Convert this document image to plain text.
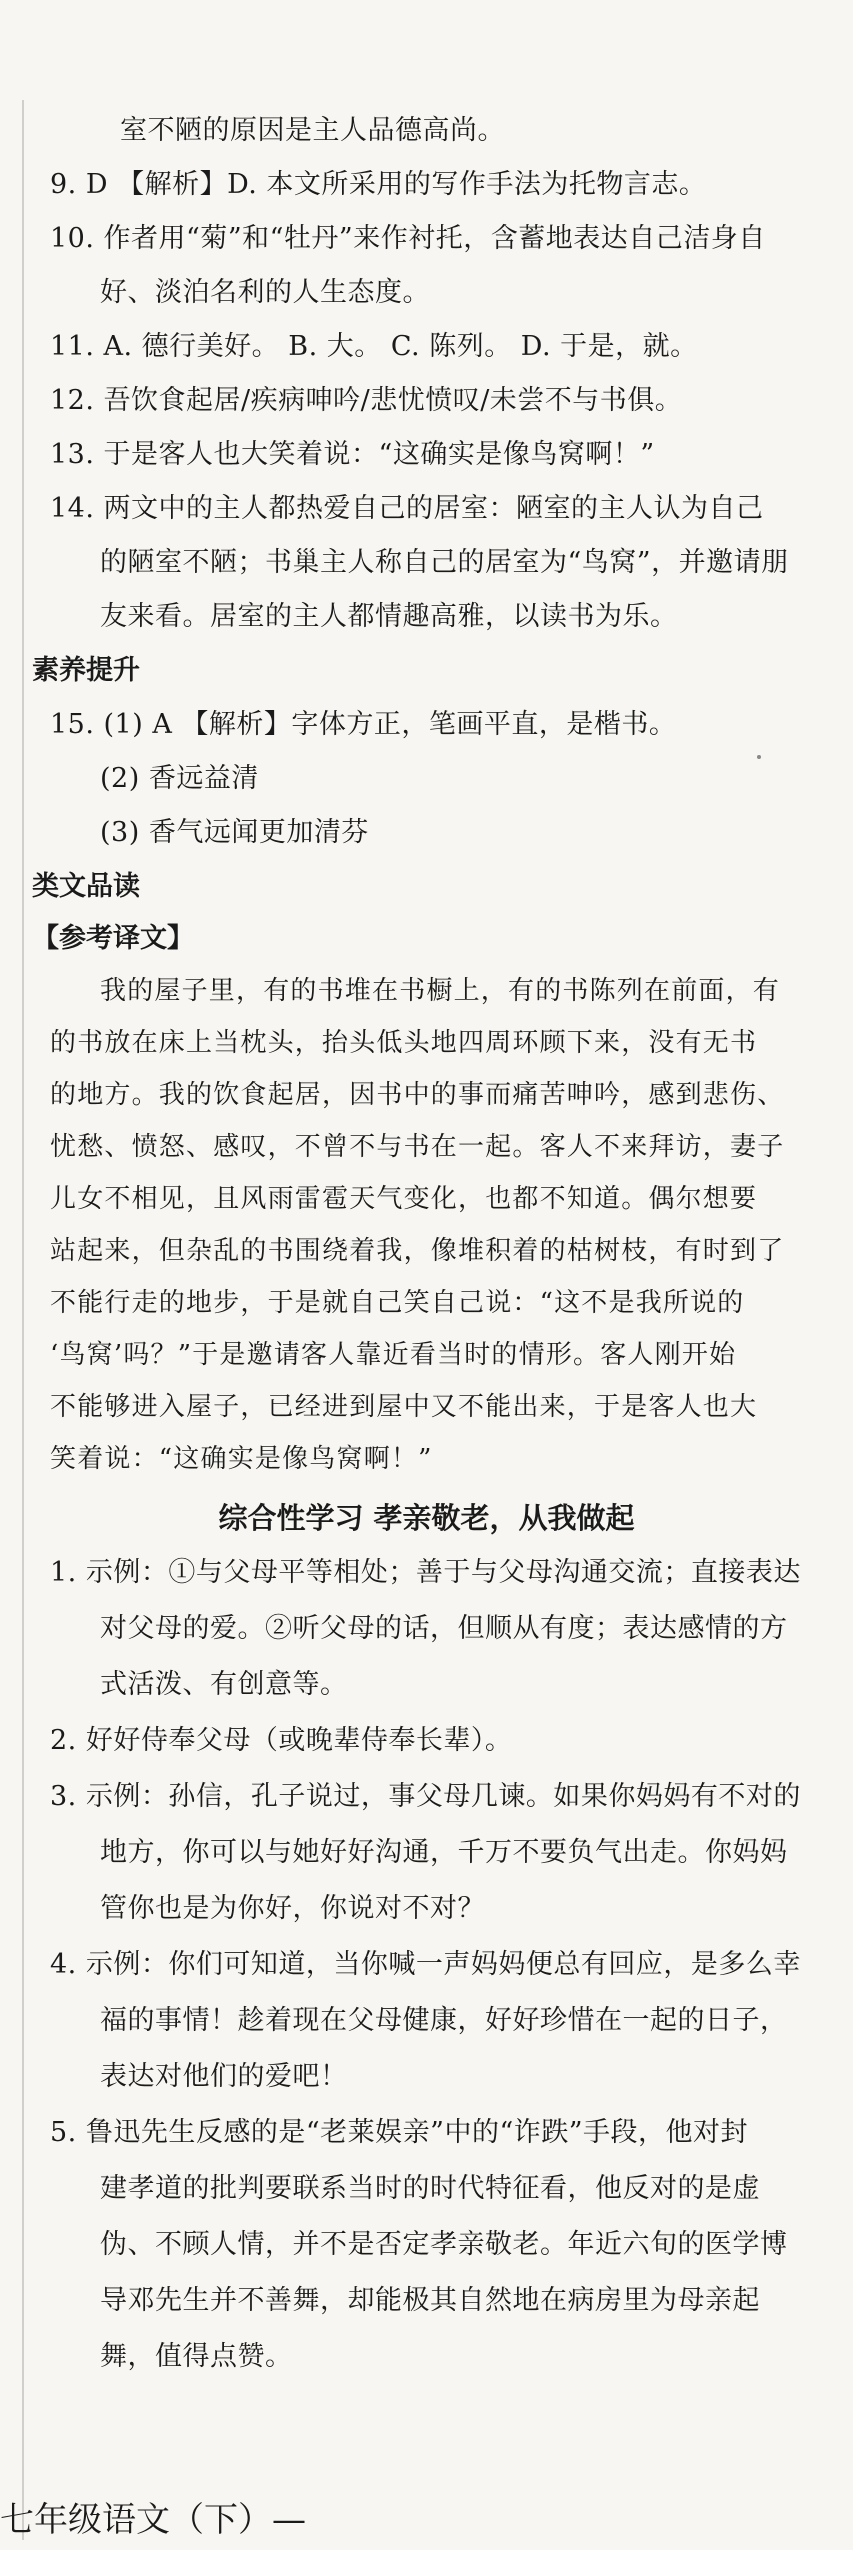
室不陋的原因是主人品德高尚。
9. D 【解析】D. 本文所采用的写作手法为托物言志。
10. 作者用“菊”和“牡丹”来作衬托，含蓄地表达自己洁身自
好、淡泊名利的人生态度。
11. A. 德行美好。 B. 大。 C. 陈列。 D. 于是，就。
12. 吾饮食起居/疾病呻吟/悲忧愤叹/未尝不与书俱。
13. 于是客人也大笑着说：“这确实是像鸟窝啊！”
14. 两文中的主人都热爱自己的居室：陋室的主人认为自己
的陋室不陋；书巢主人称自己的居室为“鸟窝”，并邀请朋
友来看。居室的主人都情趣高雅，以读书为乐。
素养提升
15. (1) A 【解析】字体方正，笔画平直，是楷书。
(2) 香远益清
(3) 香气远闻更加清芬
类文品读
【参考译文】
我的屋子里，有的书堆在书橱上，有的书陈列在前面，有
的书放在床上当枕头，抬头低头地四周环顾下来，没有无书
的地方。我的饮食起居，因书中的事而痛苦呻吟，感到悲伤、
忧愁、愤怒、感叹，不曾不与书在一起。客人不来拜访，妻子
儿女不相见，且风雨雷雹天气变化，也都不知道。偶尔想要
站起来，但杂乱的书围绕着我，像堆积着的枯树枝，有时到了
不能行走的地步，于是就自己笑自己说：“这不是我所说的
‘鸟窝’吗？”于是邀请客人靠近看当时的情形。客人刚开始
不能够进入屋子，已经进到屋中又不能出来，于是客人也大
笑着说：“这确实是像鸟窝啊！”
综合性学习 孝亲敬老，从我做起
1. 示例：①与父母平等相处；善于与父母沟通交流；直接表达
对父母的爱。②听父母的话，但顺从有度；表达感情的方
式活泼、有创意等。
2. 好好侍奉父母（或晚辈侍奉长辈）。
3. 示例：孙信，孔子说过，事父母几谏。如果你妈妈有不对的
地方，你可以与她好好沟通，千万不要负气出走。你妈妈
管你也是为你好，你说对不对？
4. 示例：你们可知道，当你喊一声妈妈便总有回应，是多么幸
福的事情！趁着现在父母健康，好好珍惜在一起的日子，
表达对他们的爱吧！
5. 鲁迅先生反感的是“老莱娱亲”中的“诈跌”手段，他对封
建孝道的批判要联系当时的时代特征看，他反对的是虚
伪、不顾人情，并不是否定孝亲敬老。年近六旬的医学博
导邓先生并不善舞，却能极其自然地在病房里为母亲起
舞，值得点赞。
七年级语文（下）—
